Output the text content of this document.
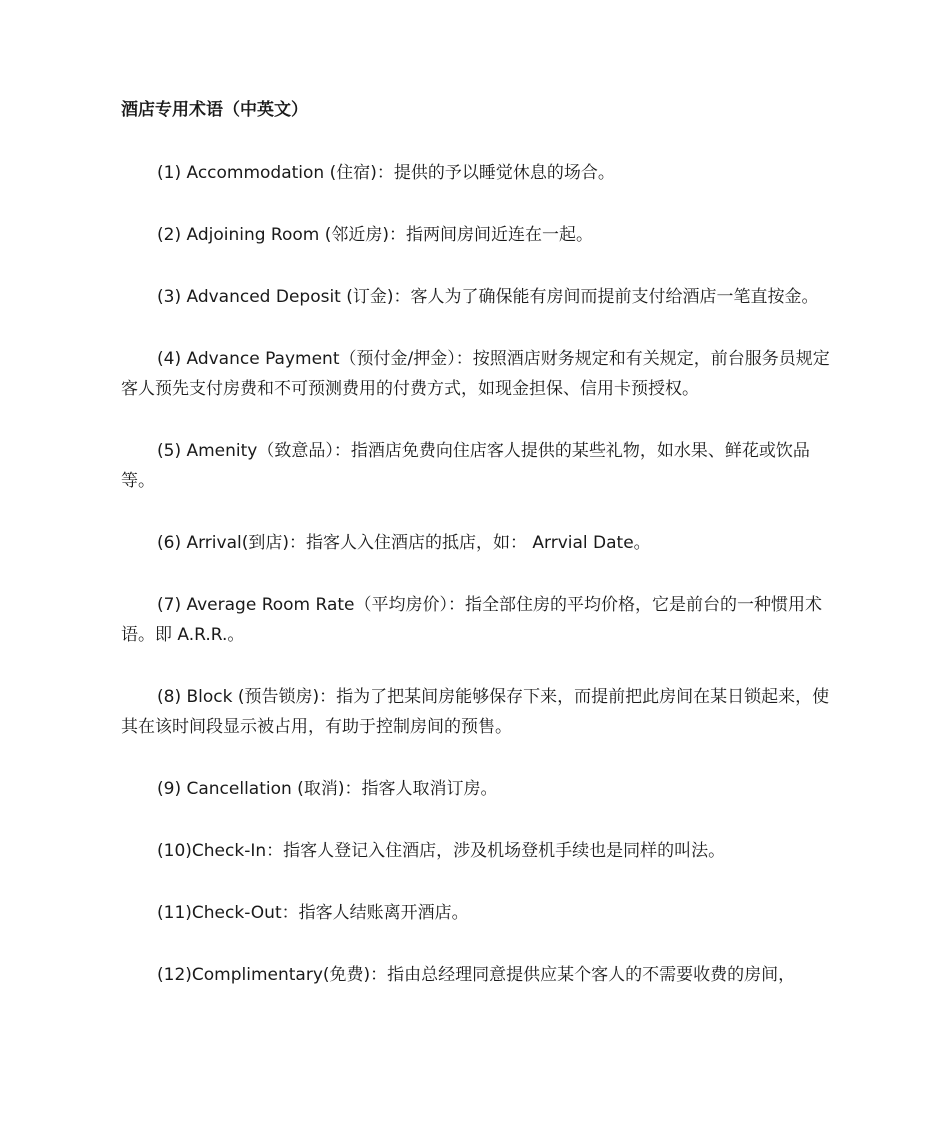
酒店专用术语（中英文）
(1) Accommodation (住宿)：提供的予以睡觉休息的场合。
(2) Adjoining Room (邻近房)：指两间房间近连在一起。
(3) Advanced Deposit (订金)：客人为了确保能有房间而提前支付给酒店一笔直按金。
(4) Advance Payment（预付金/押金）：按照酒店财务规定和有关规定，前台服务员规定客人预先支付房费和不可预测费用的付费方式，如现金担保、信用卡预授权。
(5) Amenity（致意品）：指酒店免费向住店客人提供的某些礼物，如水果、鲜花或饮品等。
(6) Arrival(到店)：指客人入住酒店的抵店，如： Arrvial Date。
(7) Average Room Rate（平均房价）：指全部住房的平均价格，它是前台的一种惯用术语。即 A.R.R.。
(8) Block (预告锁房)：指为了把某间房能够保存下来，而提前把此房间在某日锁起来，使其在该时间段显示被占用，有助于控制房间的预售。
(9) Cancellation (取消)：指客人取消订房。
(10)Check-In：指客人登记入住酒店，涉及机场登机手续也是同样的叫法。
(11)Check-Out：指客人结账离开酒店。
(12)Complimentary(免费)：指由总经理同意提供应某个客人的不需要收费的房间，
